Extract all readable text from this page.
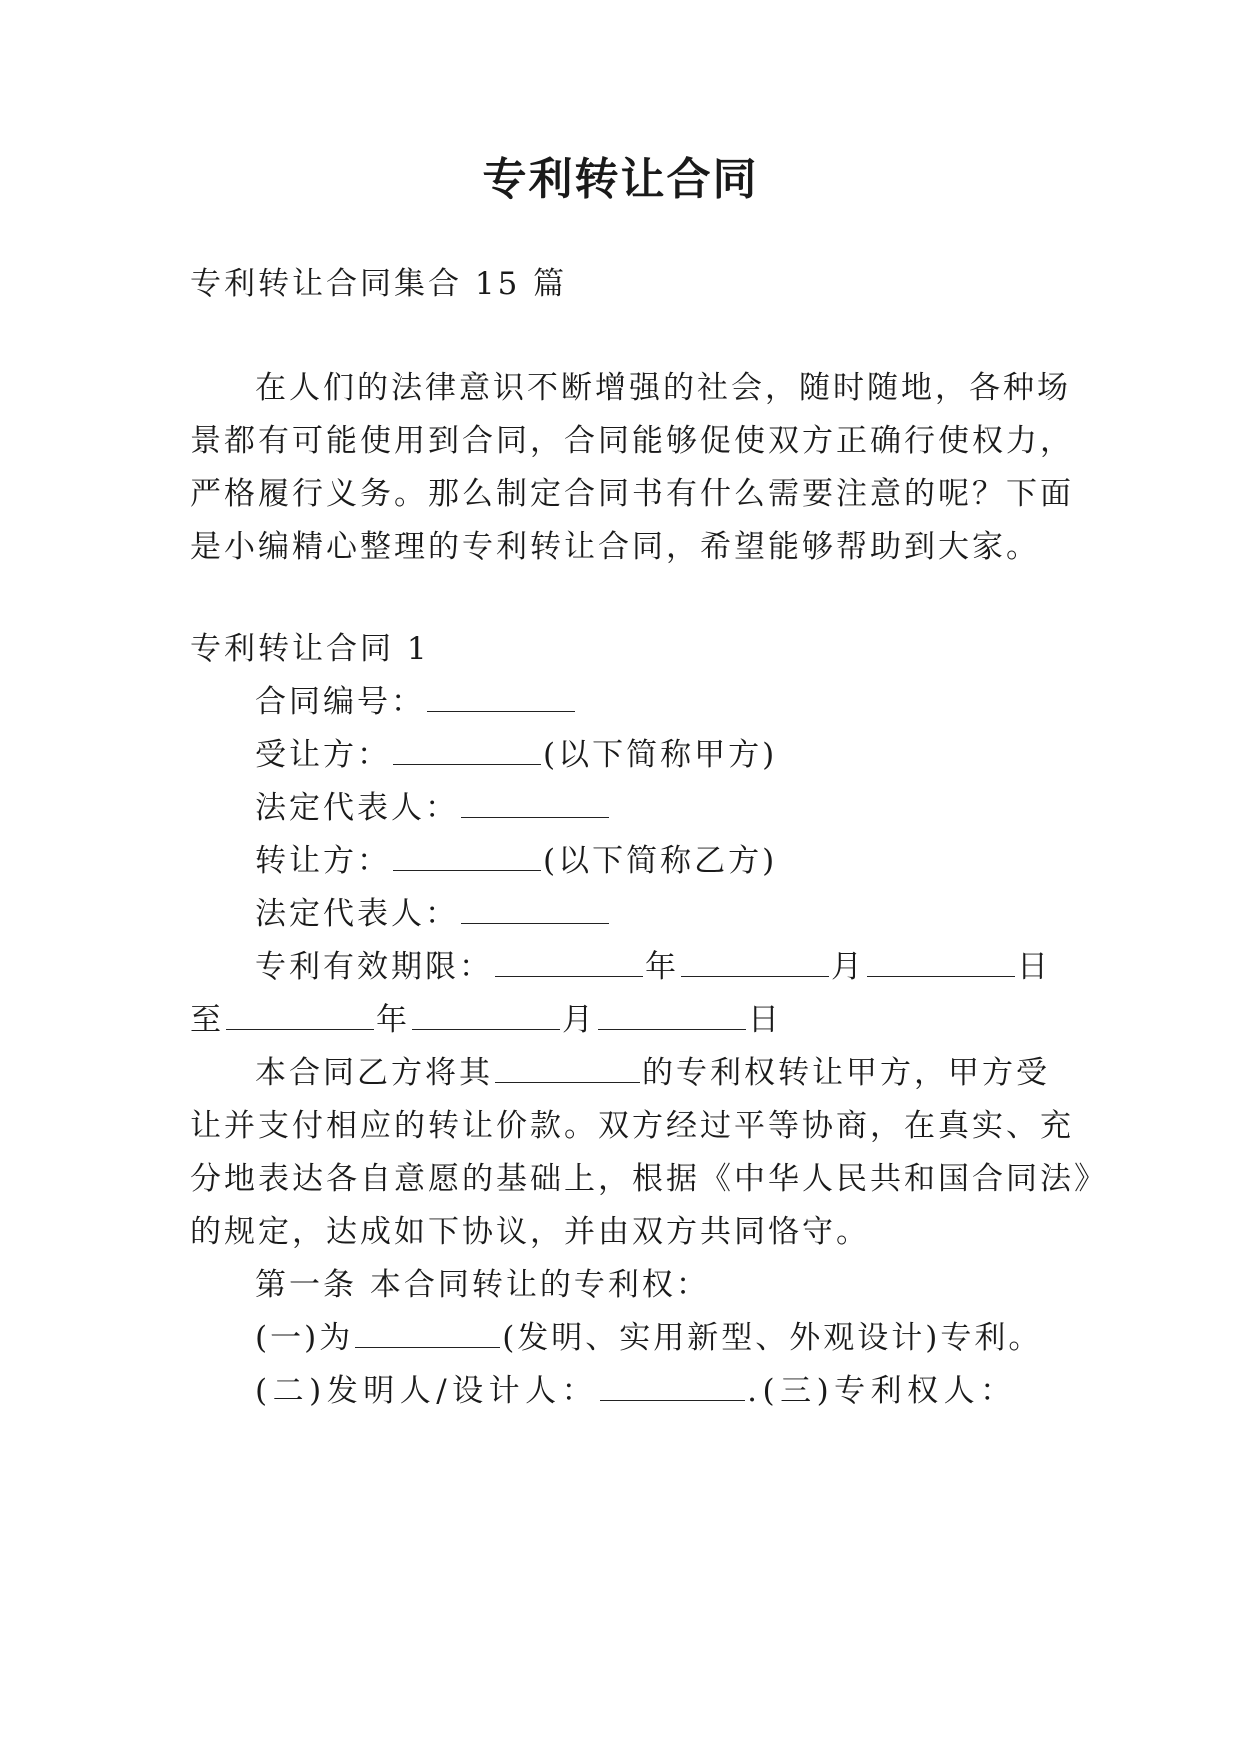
专利转让合同
专利转让合同集合 15 篇
在人们的法律意识不断增强的社会，随时随地，各种场
景都有可能使用到合同，合同能够促使双方正确行使权力，
严格履行义务。那么制定合同书有什么需要注意的呢？下面
是小编精心整理的专利转让合同，希望能够帮助到大家。
专利转让合同 1
合同编号：
受让方：	(以下简称甲方)
法定代表人：
转让方：	(以下简称乙方)
法定代表人：
专利有效期限：	年	月	日
至	年	月	日
本合同乙方将其	的专利权转让甲方，甲方受
让并支付相应的转让价款。双方经过平等协商，在真实、充
分地表达各自意愿的基础上，根据《中华人民共和国合同法》
的规定，达成如下协议，并由双方共同恪守。
第一条 本合同转让的专利权：
(一)为	(发明、实用新型、外观设计)专利。
(二)发明人/设计人：	.(三)专利权人：
